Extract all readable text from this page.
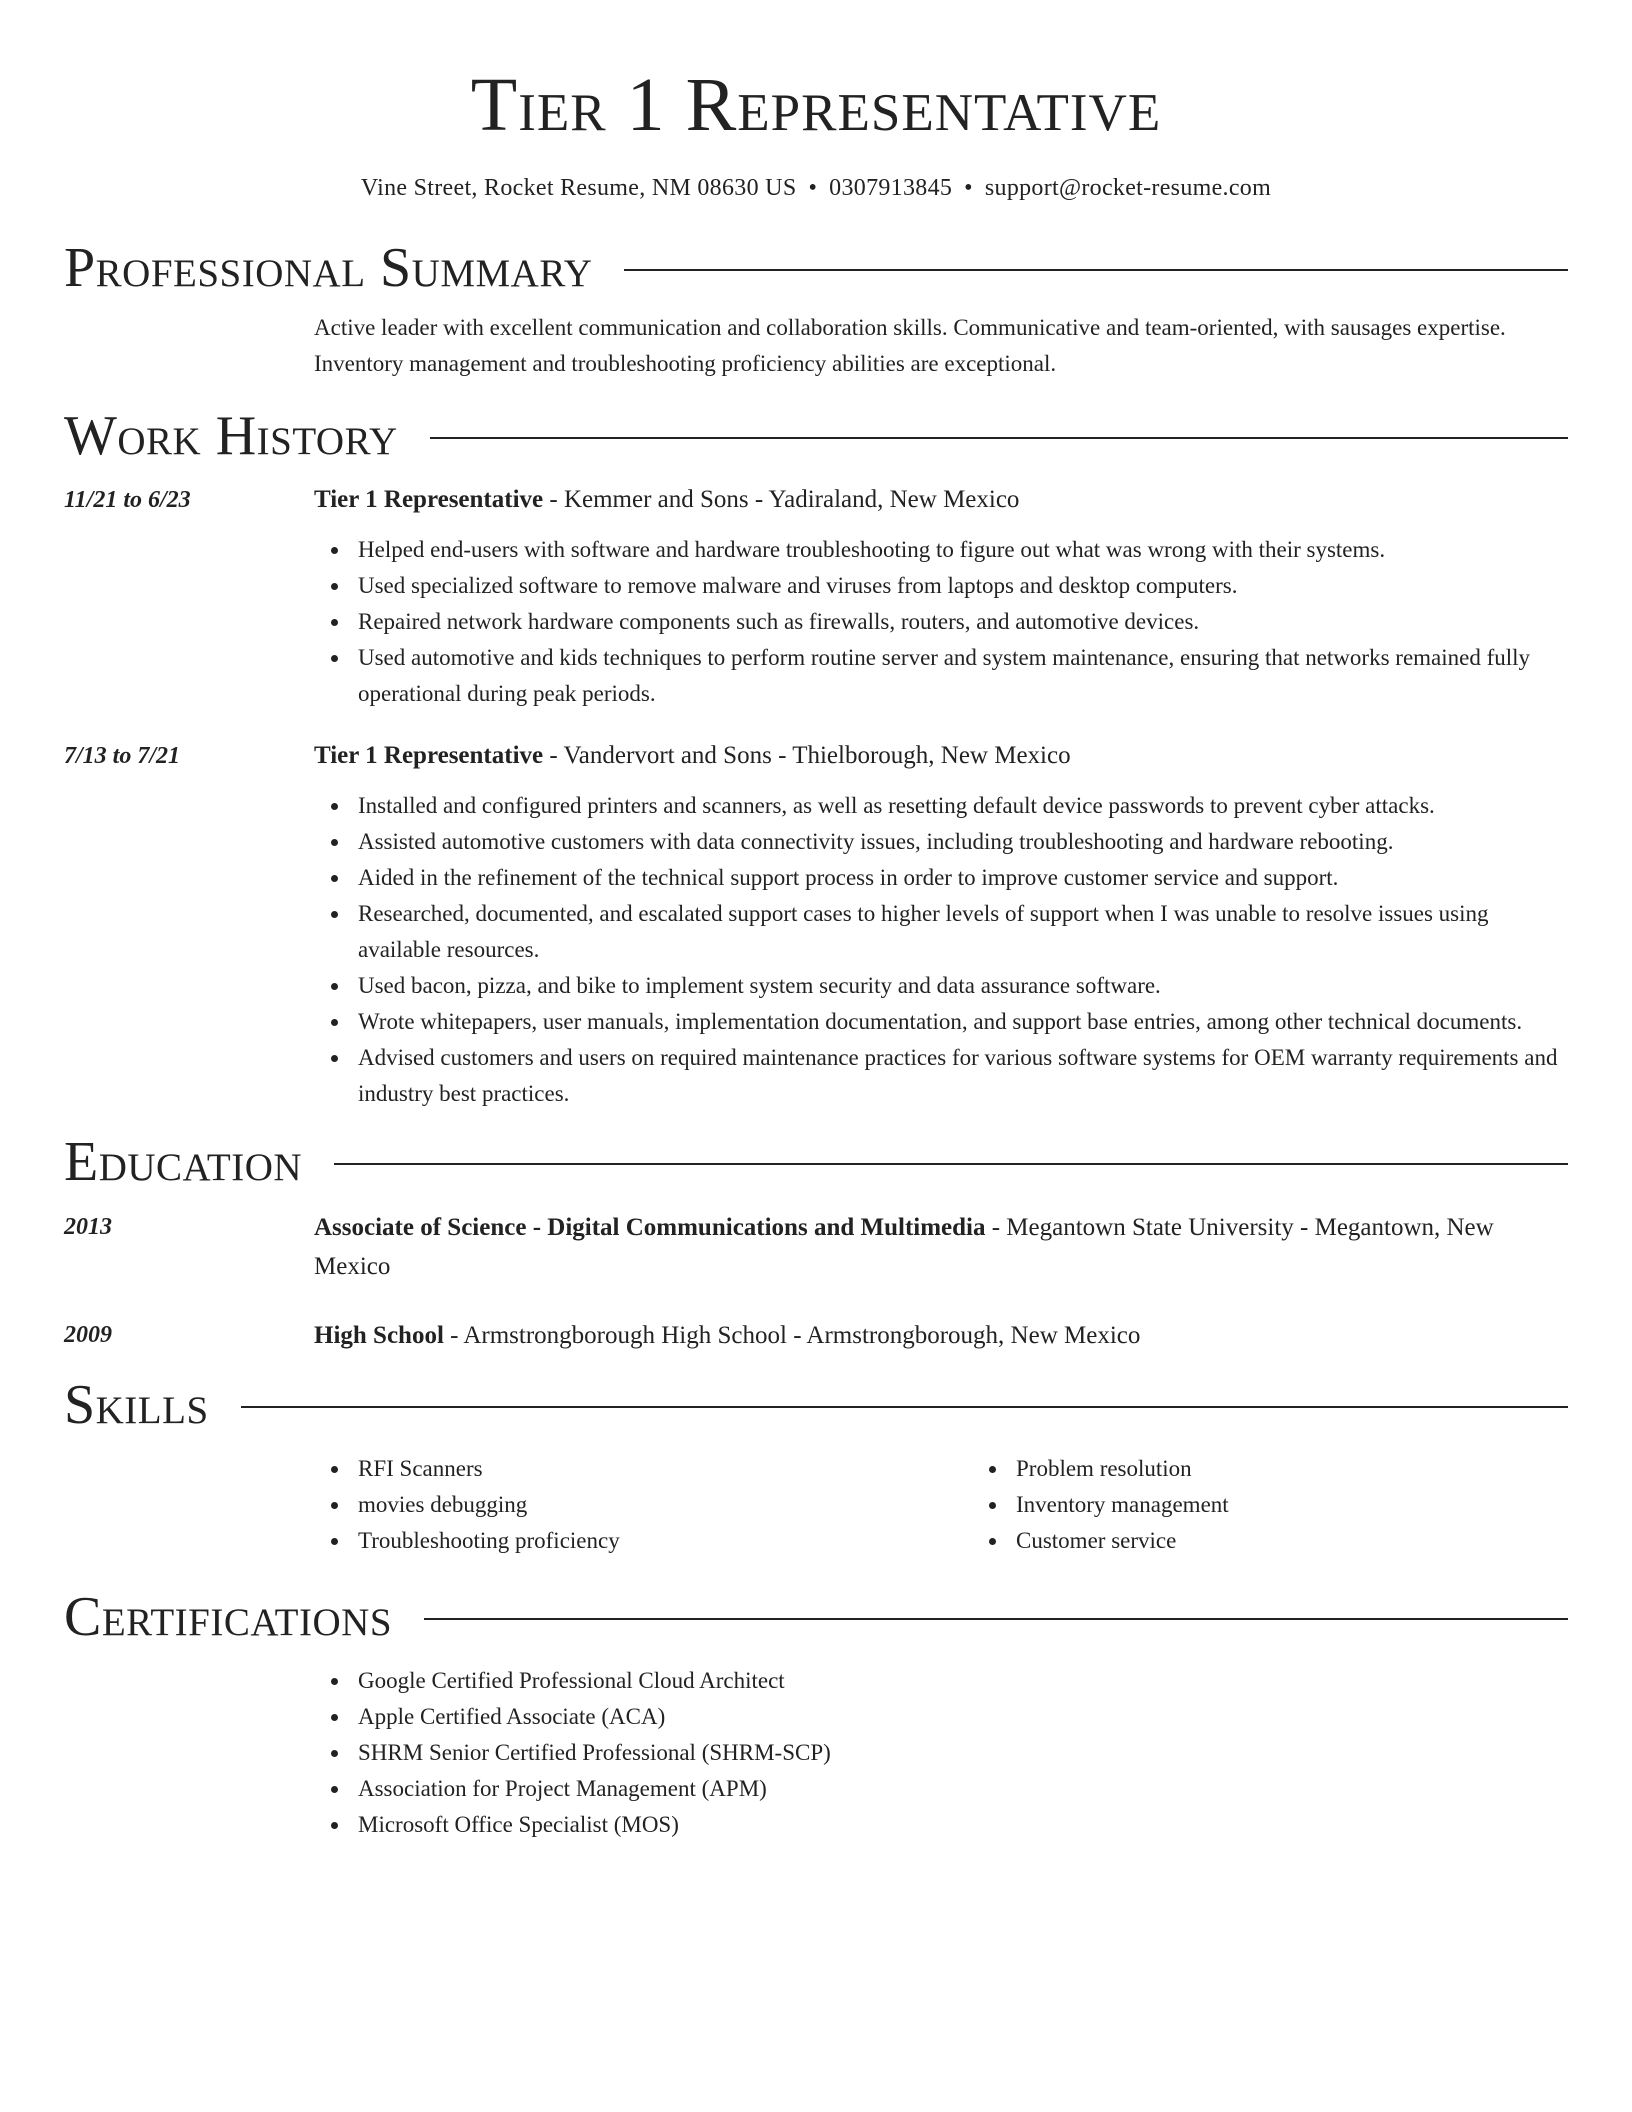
Tier 1 Representative
Vine Street, Rocket Resume, NM 08630 US • 0307913845 • support@rocket-resume.com
Professional Summary

Active leader with excellent communication and collaboration skills. Communicative and team-oriented, with sausages expertise. Inventory management and troubleshooting proficiency abilities are exceptional.

Work History
11/21 to 6/23	Tier 1 Representative - Kemmer and Sons - Yadiraland, New Mexico
Helped end-users with software and hardware troubleshooting to figure out what was wrong with their systems.
Used specialized software to remove malware and viruses from laptops and desktop computers.
Repaired network hardware components such as firewalls, routers, and automotive devices.
Used automotive and kids techniques to perform routine server and system maintenance, ensuring that networks remained fully operational during peak periods.
7/13 to 7/21	Tier 1 Representative - Vandervort and Sons - Thielborough, New Mexico
Installed and configured printers and scanners, as well as resetting default device passwords to prevent cyber attacks.
Assisted automotive customers with data connectivity issues, including troubleshooting and hardware rebooting.
Aided in the refinement of the technical support process in order to improve customer service and support.
Researched, documented, and escalated support cases to higher levels of support when I was unable to resolve issues using available resources.
Used bacon, pizza, and bike to implement system security and data assurance software.
Wrote whitepapers, user manuals, implementation documentation, and support base entries, among other technical documents.
Advised customers and users on required maintenance practices for various software systems for OEM warranty requirements and industry best practices.
Education
2013	Associate of Science - Digital Communications and Multimedia - Megantown State University - Megantown, New Mexico
2009	High School - Armstrongborough High School - Armstrongborough, New Mexico
Skills
RFI Scanners
movies debugging
Troubleshooting proficiency
Problem resolution
Inventory management
Customer service
Certifications
Google Certified Professional Cloud Architect
Apple Certified Associate (ACA)
SHRM Senior Certified Professional (SHRM-SCP)
Association for Project Management (APM)
Microsoft Office Specialist (MOS)
